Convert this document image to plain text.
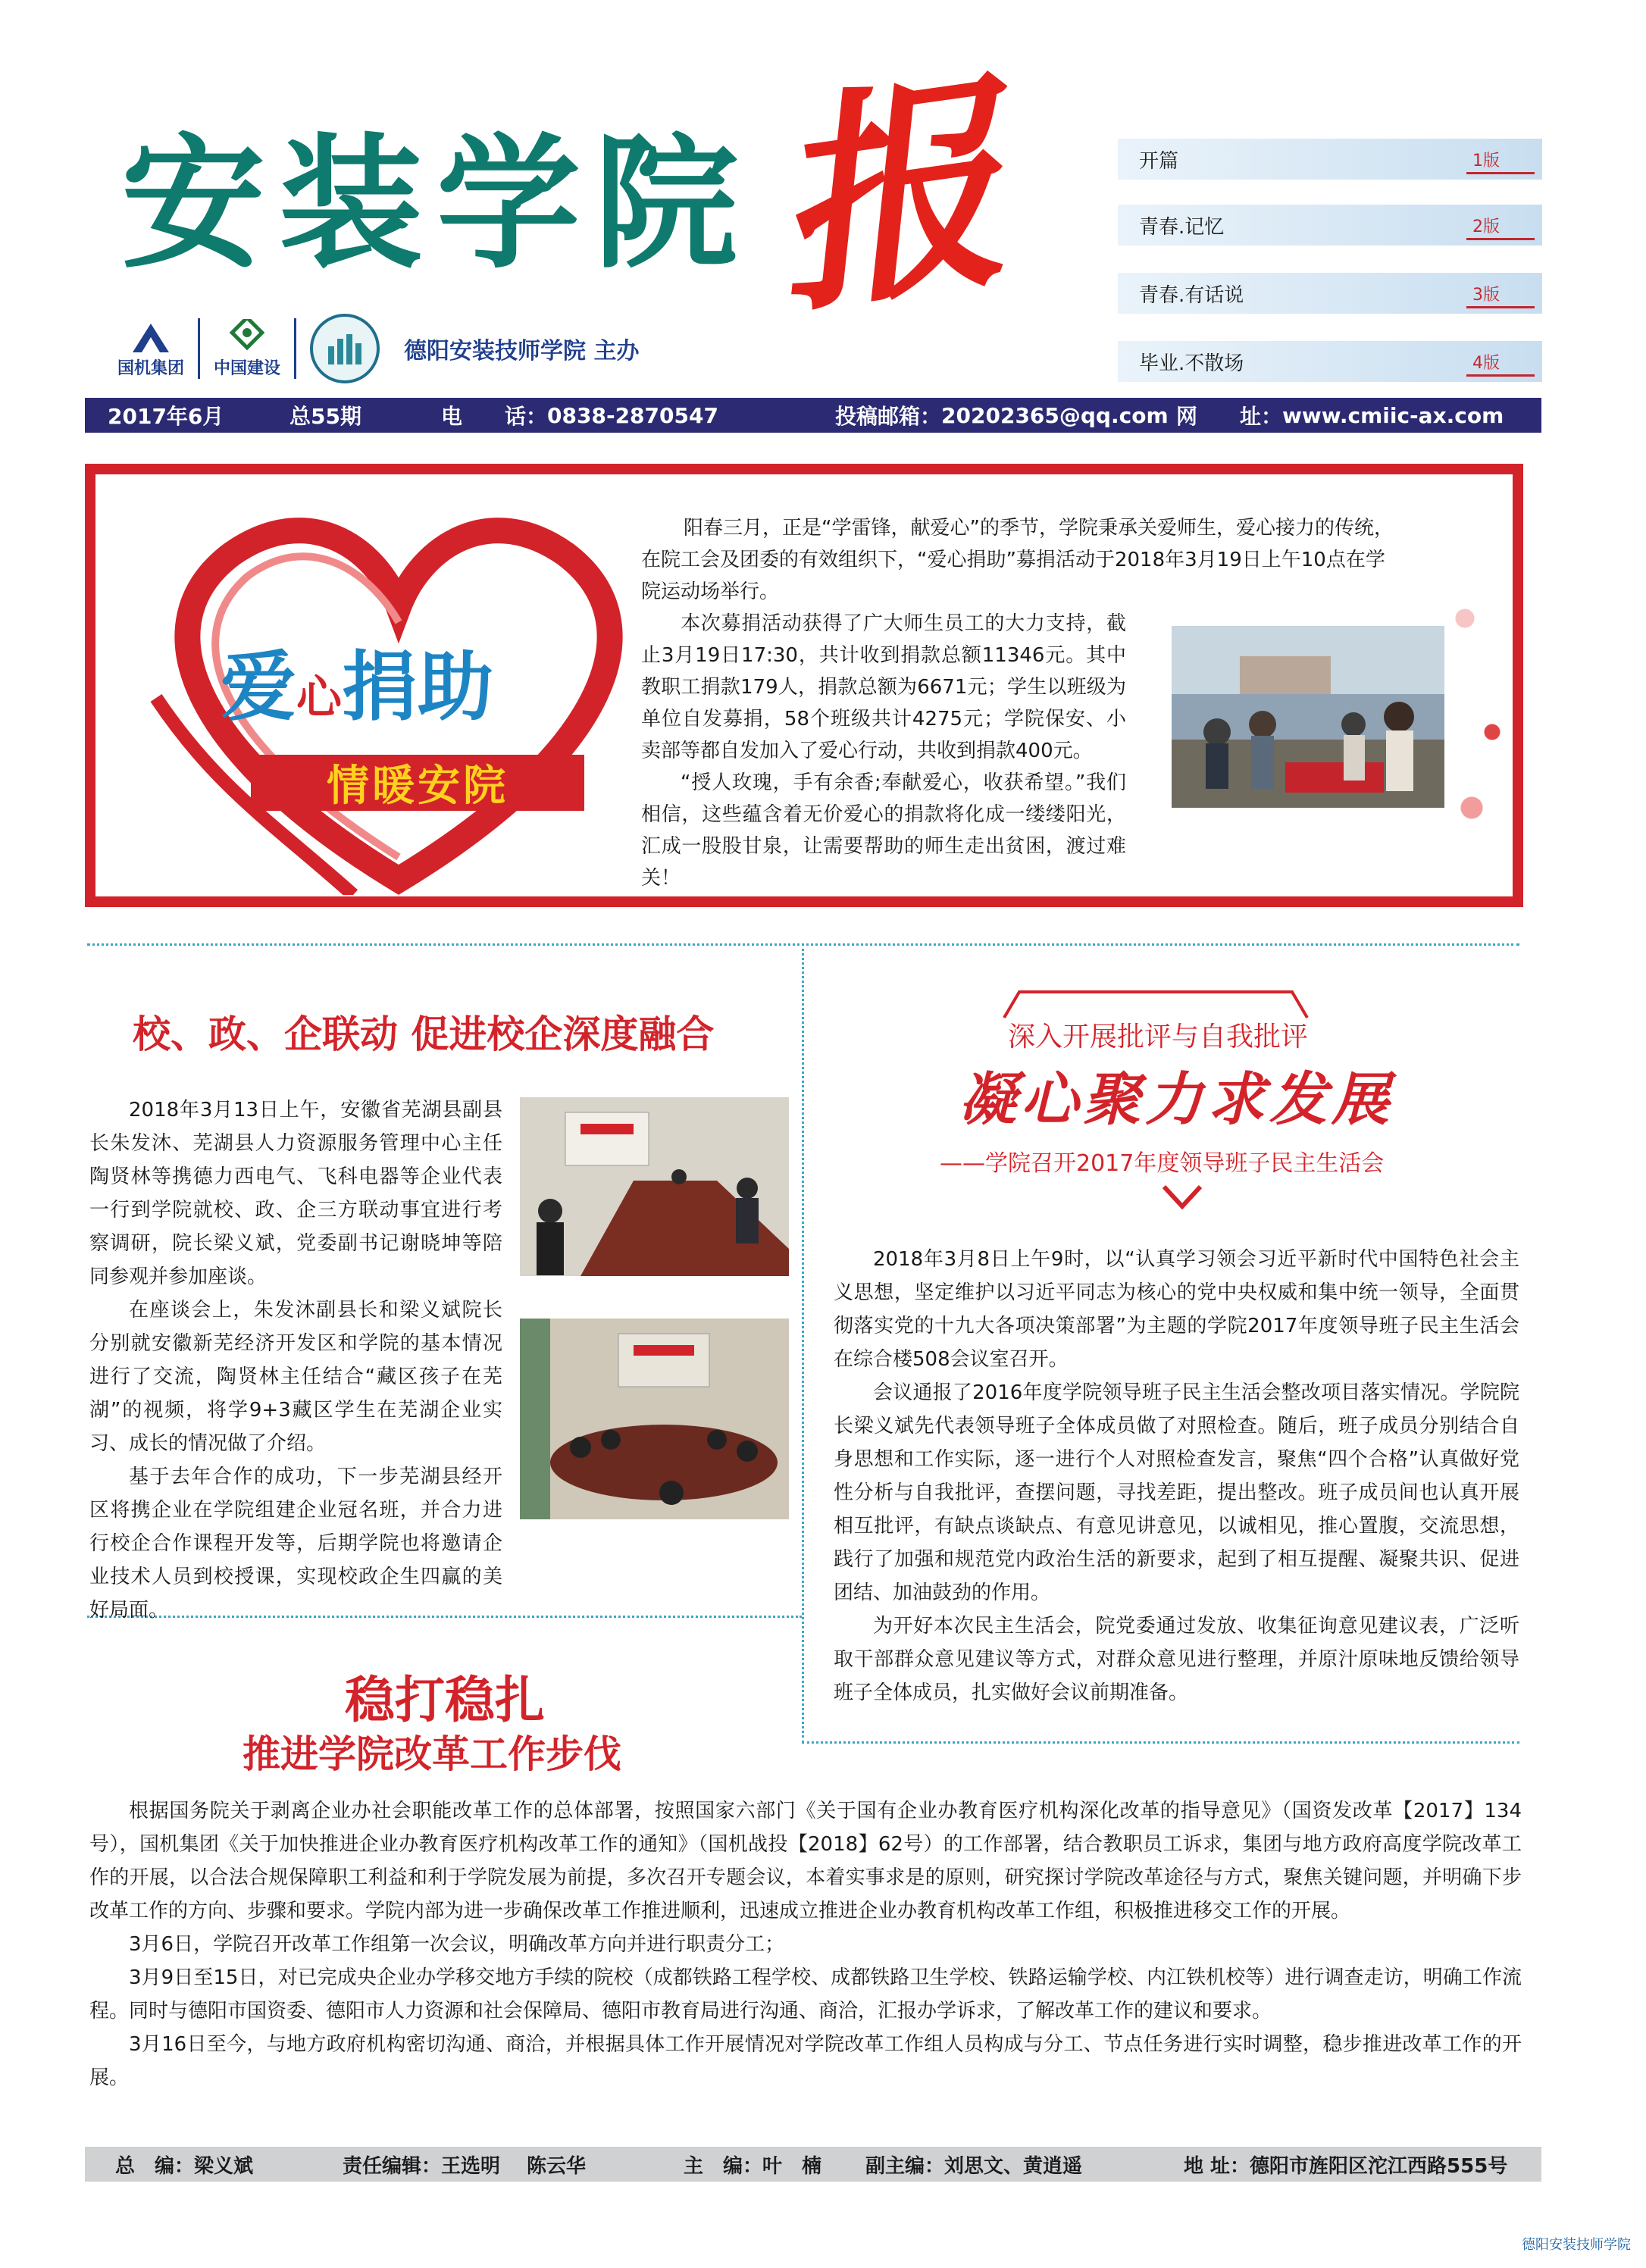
安装学院 报
国机集团 中国建设
德阳安装技师学院 主办
开篇	1版
青春.记忆	2版
青春.有话说	3版
毕业.不散场	4版
2017年6月	总55期	电　　话： 0838-2870547	投稿邮箱： 20202365@qq.com 网　　址： www.cmiic-ax.com
爱心捐助
情暖安院

阳春三月，正是“学雷锋，献爱心”的季节，学院秉承关爱师生，爱心接力的传统，在院工会及团委的有效组织下，“爱心捐助”募捐活动于2018年3月19日上午10点在学院运动场举行。

本次募捐活动获得了广大师生员工的大力支持，截止3月19日17:30，共计收到捐款总额11346元。其中教职工捐款179人，捐款总额为6671元；学生以班级为单位自发募捐，58个班级共计4275元；学院保安、小卖部等都自发加入了爱心行动，共收到捐款400元。

“授人玫瑰，手有余香;奉献爱心，收获希望。”我们相信，这些蕴含着无价爱心的捐款将化成一缕缕阳光，汇成一股股甘泉，让需要帮助的师生走出贫困，渡过难关！

校、政、企联动 促进校企深度融合

2018年3月13日上午，安徽省芜湖县副县长朱发沐、芜湖县人力资源服务管理中心主任陶贤林等携德力西电气、飞科电器等企业代表一行到学院就校、政、企三方联动事宜进行考察调研，院长梁义斌，党委副书记谢晓坤等陪同参观并参加座谈。

在座谈会上，朱发沐副县长和梁义斌院长分别就安徽新芜经济开发区和学院的基本情况进行了交流，陶贤林主任结合“藏区孩子在芜湖”的视频，将学9+3藏区学生在芜湖企业实习、成长的情况做了介绍。

基于去年合作的成功，下一步芜湖县经开区将携企业在学院组建企业冠名班，并合力进行校企合作课程开发等，后期学院也将邀请企业技术人员到校授课，实现校政企生四赢的美好局面。

深入开展批评与自我批评
凝心聚力求发展
——学院召开2017年度领导班子民主生活会

2018年3月8日上午9时，以“认真学习领会习近平新时代中国特色社会主义思想，坚定维护以习近平同志为核心的党中央权威和集中统一领导，全面贯彻落实党的十九大各项决策部署”为主题的学院2017年度领导班子民主生活会在综合楼508会议室召开。

会议通报了2016年度学院领导班子民主生活会整改项目落实情况。学院院长梁义斌先代表领导班子全体成员做了对照检查。随后，班子成员分别结合自身思想和工作实际，逐一进行个人对照检查发言，聚焦“四个合格”认真做好党性分析与自我批评，查摆问题，寻找差距，提出整改。班子成员间也认真开展相互批评，有缺点谈缺点、有意见讲意见，以诚相见，推心置腹，交流思想，践行了加强和规范党内政治生活的新要求，起到了相互提醒、凝聚共识、促进团结、加油鼓劲的作用。

为开好本次民主生活会，院党委通过发放、收集征询意见建议表，广泛听取干部群众意见建议等方式，对群众意见进行整理，并原汁原味地反馈给领导班子全体成员，扎实做好会议前期准备。

稳打稳扎
推进学院改革工作步伐

根据国务院关于剥离企业办社会职能改革工作的总体部署，按照国家六部门《关于国有企业办教育医疗机构深化改革的指导意见》（国资发改革【2017】134号），国机集团《关于加快推进企业办教育医疗机构改革工作的通知》（国机战投【2018】62号）的工作部署，结合教职员工诉求，集团与地方政府高度学院改革工作的开展，以合法合规保障职工利益和利于学院发展为前提，多次召开专题会议，本着实事求是的原则，研究探讨学院改革途径与方式，聚焦关键问题，并明确下步改革工作的方向、步骤和要求。学院内部为进一步确保改革工作推进顺利，迅速成立推进企业办教育机构改革工作组，积极推进移交工作的开展。

3月6日，学院召开改革工作组第一次会议，明确改革方向并进行职责分工；

3月9日至15日，对已完成央企业办学移交地方手续的院校（成都铁路工程学校、成都铁路卫生学校、铁路运输学校、内江铁机校等）进行调查走访，明确工作流程。同时与德阳市国资委、德阳市人力资源和社会保障局、德阳市教育局进行沟通、商洽，汇报办学诉求，了解改革工作的建议和要求。

3月16日至今，与地方政府机构密切沟通、商洽，并根据具体工作开展情况对学院改革工作组人员构成与分工、节点任务进行实时调整，稳步推进改革工作的开展。

总　编：梁义斌	责任编辑：王选明　 陈云华	主　编：叶　楠	副主编：刘思文、黄逍遥	地 址：德阳市旌阳区沱江西路555号
德阳安装技师学院
